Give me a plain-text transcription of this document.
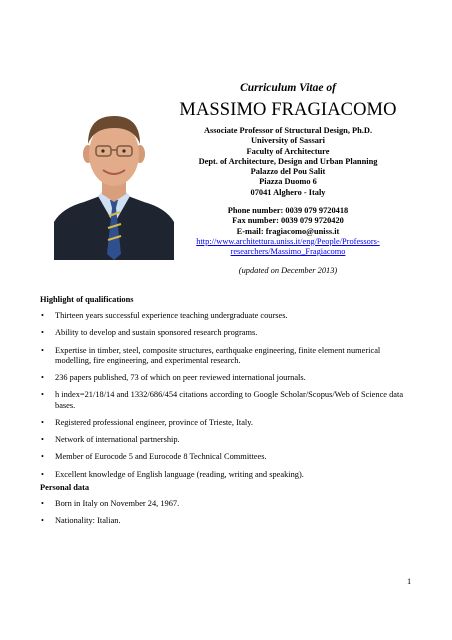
Curriculum Vitae of
MASSIMO FRAGIACOMO
Associate Professor of Structural Design, Ph.D.
University of Sassari
Faculty of Architecture
Dept. of Architecture, Design and Urban Planning
Palazzo del Pou Salit
Piazza Duomo 6
07041 Alghero - Italy
Phone number: 0039 079 9720418
Fax number: 0039 079 9720420
E-mail: fragiacomo@uniss.it
http://www.architettura.uniss.it/eng/People/Professors-
researchers/Massimo_Fragiacomo
(updated on December 2013)
Highlight of qualifications
• Thirteen years successful experience teaching undergraduate courses.
• Ability to develop and sustain sponsored research programs.
• Expertise in timber, steel, composite structures, earthquake engineering, finite element numerical modelling, fire engineering, and experimental research.
• 236 papers published, 73 of which on peer reviewed international journals.
• h index=21/18/14 and 1332/686/454 citations according to Google Scholar/Scopus/Web of Science data bases.
• Registered professional engineer, province of Trieste, Italy.
• Network of international partnership.
• Member of Eurocode 5 and Eurocode 8 Technical Committees.
• Excellent knowledge of English language (reading, writing and speaking).
Personal data
• Born in Italy on November 24, 1967.
• Nationality: Italian.
1
